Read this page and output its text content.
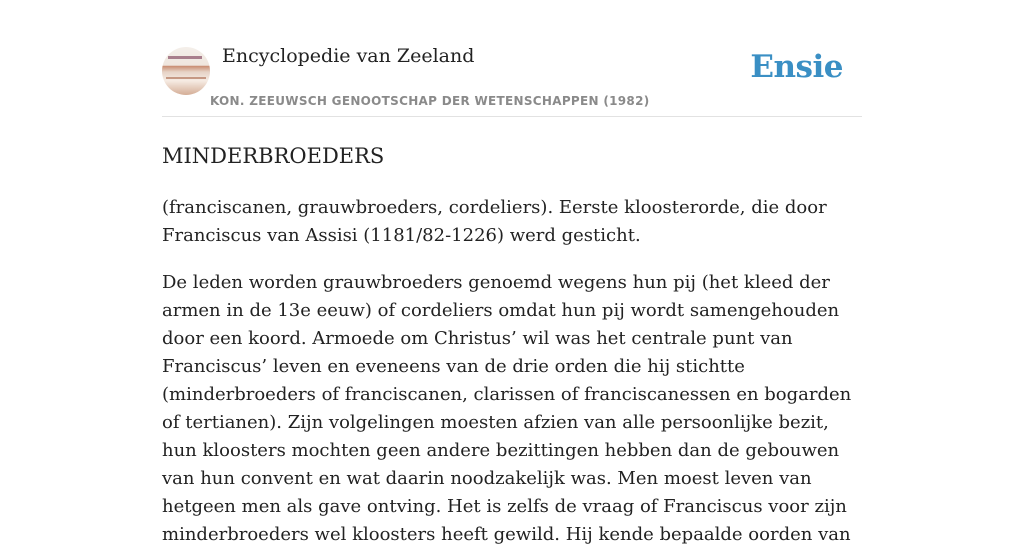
Encyclopedie van Zeeland
KON. ZEEUWSCH GENOOTSCHAP DER WETENSCHAPPEN (1982)
Ensie
MINDERBROEDERS

(franciscanen, grauwbroeders, cordeliers). Eerste kloosterorde, die door Franciscus van Assisi (1181/82-1226) werd gesticht.

De leden worden grauwbroeders genoemd wegens hun pij (het kleed der armen in de 13e eeuw) of cordeliers omdat hun pij wordt samengehouden door een koord. Armoede om Christus’ wil was het centrale punt van Franciscus’ leven en eveneens van de drie orden die hij stichtte (minderbroeders of franciscanen, clarissen of franciscanessen en bogarden of tertianen). Zijn volgelingen moesten afzien van alle persoonlijke bezit, hun kloosters mochten geen andere bezittingen hebben dan de gebouwen van hun convent en wat daarin noodzakelijk was. Men moest leven van hetgeen men als gave ontving. Het is zelfs de vraag of Franciscus voor zijn minderbroeders wel kloosters heeft gewild. Hij kende bepaalde oorden van
